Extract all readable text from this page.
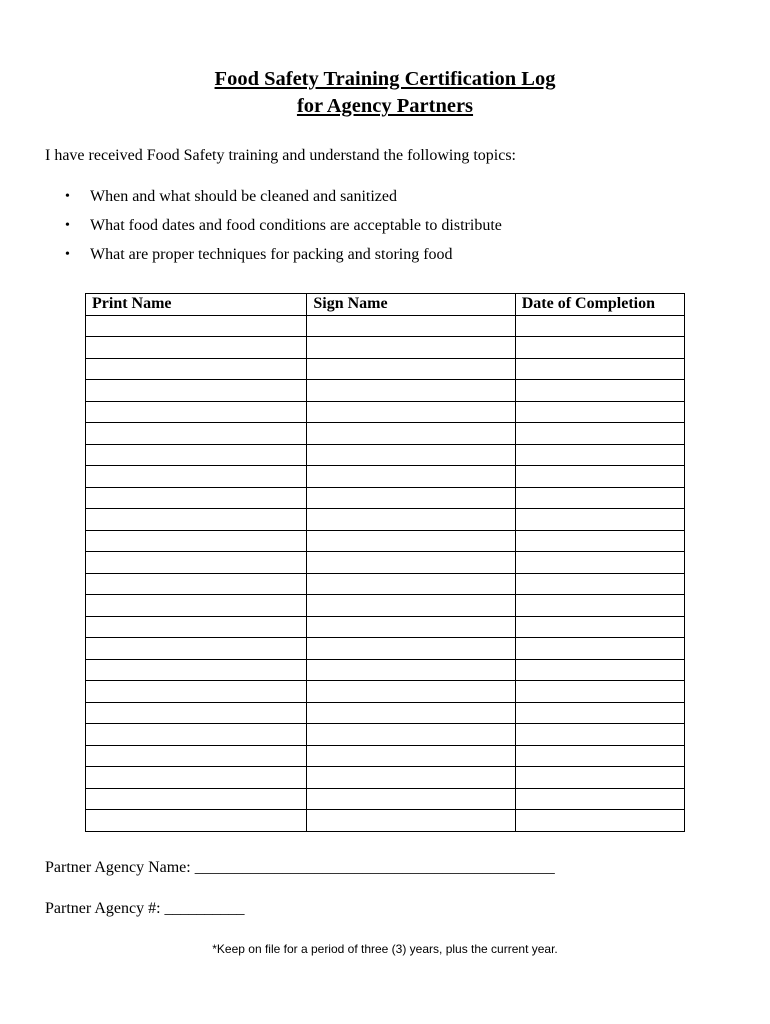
Food Safety Training Certification Log
for Agency Partners
I have received Food Safety training and understand the following topics:
• When and what should be cleaned and sanitized
• What food dates and food conditions are acceptable to distribute
• What are proper techniques for packing and storing food
Print Name	Sign Name	Date of Completion

Partner Agency Name: _____________________________________________
Partner Agency #: __________
*Keep on file for a period of three (3) years, plus the current year.
